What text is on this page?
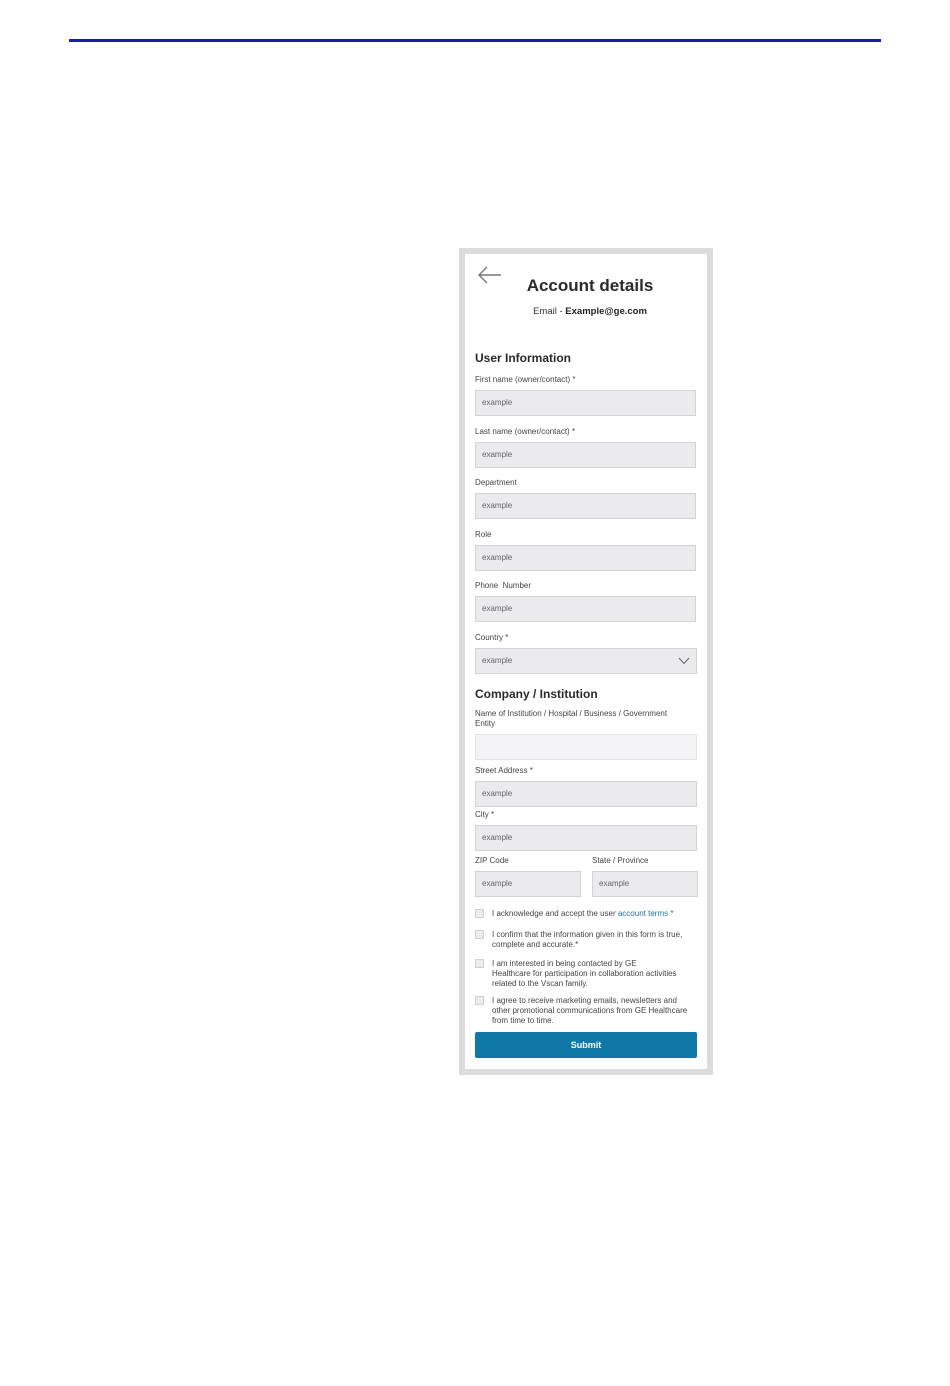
Account details
Email - Example@ge.com
User Information
First name (owner/contact) *
example
Last name (owner/contact) *
example
Department
example
Role
example
Phone  Number
example
Country *
example
Company / Institution
Name of Institution / Hospital / Business / Government Entity
Street Address *
example
City *
example
ZIP Code
example
State / Province
example
I acknowledge and accept the user account terms *
I confirm that the information given in this form is true, complete and accurate.*
I am interested in being contacted by GE Healthcare for participation in collaboration activities related to the Vscan family.
I agree to receive marketing emails, newsletters and other promotional communications from GE Healthcare from time to time.
Submit
